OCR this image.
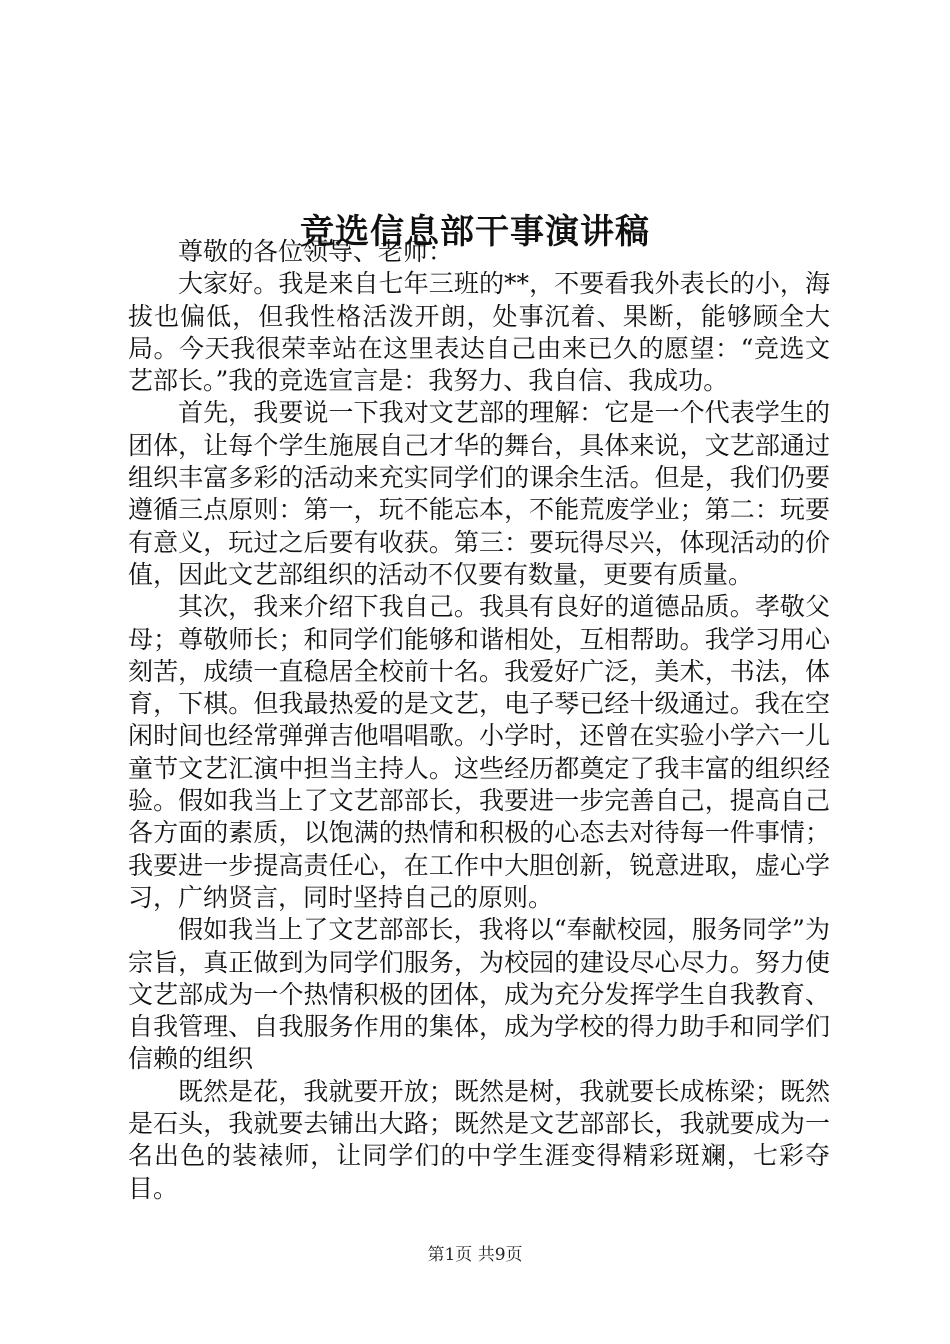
竞选信息部干事演讲稿

尊敬的各位领导、老师：

大家好。我是来自七年三班的**，不要看我外表长的小，海拔也偏低，但我性格活泼开朗，处事沉着、果断，能够顾全大局。今天我很荣幸站在这里表达自己由来已久的愿望：“竞选文艺部长。”我的竞选宣言是：我努力、我自信、我成功。

首先，我要说一下我对文艺部的理解：它是一个代表学生的团体，让每个学生施展自己才华的舞台，具体来说，文艺部通过组织丰富多彩的活动来充实同学们的课余生活。但是，我们仍要遵循三点原则：第一，玩不能忘本，不能荒废学业；第二：玩要有意义，玩过之后要有收获。第三：要玩得尽兴，体现活动的价值，因此文艺部组织的活动不仅要有数量，更要有质量。

其次，我来介绍下我自己。我具有良好的道德品质。孝敬父母；尊敬师长；和同学们能够和谐相处，互相帮助。我学习用心刻苦，成绩一直稳居全校前十名。我爱好广泛，美术，书法，体育，下棋。但我最热爱的是文艺，电子琴已经十级通过。我在空闲时间也经常弹弹吉他唱唱歌。小学时，还曾在实验小学六一儿童节文艺汇演中担当主持人。这些经历都奠定了我丰富的组织经验。假如我当上了文艺部部长，我要进一步完善自己，提高自己各方面的素质，以饱满的热情和积极的心态去对待每一件事情；我要进一步提高责任心，在工作中大胆创新，锐意进取，虚心学习，广纳贤言，同时坚持自己的原则。

假如我当上了文艺部部长，我将以“奉献校园，服务同学”为宗旨，真正做到为同学们服务，为校园的建设尽心尽力。努力使文艺部成为一个热情积极的团体，成为充分发挥学生自我教育、自我管理、自我服务作用的集体，成为学校的得力助手和同学们信赖的组织

既然是花，我就要开放；既然是树，我就要长成栋梁；既然是石头，我就要去铺出大路；既然是文艺部部长，我就要成为一名出色的装裱师，让同学们的中学生涯变得精彩斑斓，七彩夺目。

第1页 共9页
